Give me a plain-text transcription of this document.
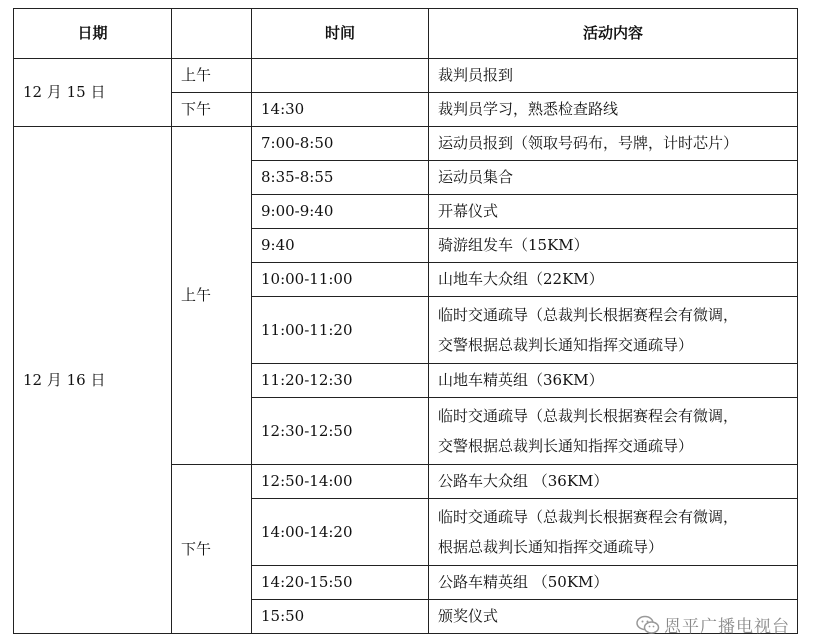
日期		时间	活动内容
12 月 15 日	上午		裁判员报到
	下午	14:30	裁判员学习，熟悉检查路线
12 月 16 日	上午	7:00-8:50	运动员报到（领取号码布，号牌，计时芯片）

		8:35-8:55	运动员集合

		9:00-9:40	开幕仪式

		9:40	骑游组发车（15KM）

		10:00-11:00	山地车大众组（22KM）

		11:00-11:20	临时交通疏导（总裁判长根据赛程会有微调，
交警根据总裁判长通知指挥交通疏导）

		11:20-12:30	山地车精英组（36KM）

		12:30-12:50	临时交通疏导（总裁判长根据赛程会有微调，
交警根据总裁判长通知指挥交通疏导）

	下午	12:50-14:00	公路车大众组 （36KM）

		14:00-14:20	临时交通疏导（总裁判长根据赛程会有微调，
根据总裁判长通知指挥交通疏导）

		14:20-15:50	公路车精英组 （50KM）

		15:50	颁奖仪式
恩平广播电视台
